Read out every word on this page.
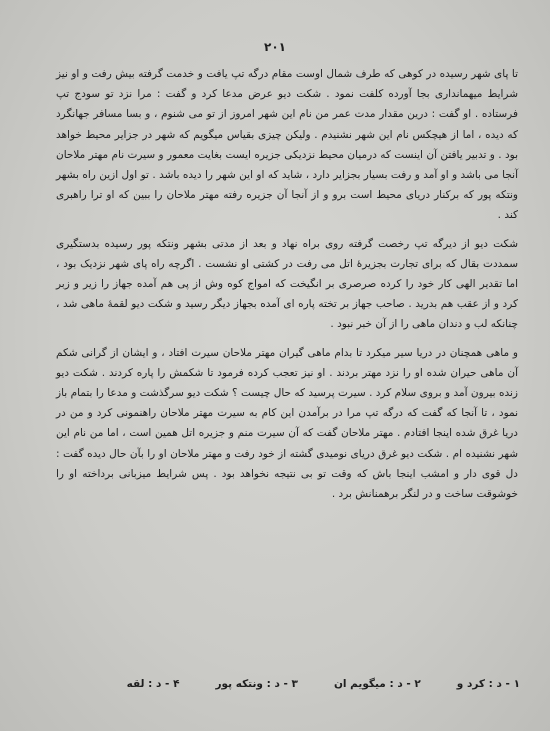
۲۰۱

تا پای شهر رسیده در کوهی که طرف شمال اوست مقام درگه تپ یافت و خدمت گرفته بیش رفت و او نیز شرایط میهمانداری بجا آورده کلفت نمود . شکت دیو عرض مدعا کرد و گفت : مرا نزد تو سودج تپ فرستاده . او گفت : درین مقدار مدت عمر من نام این شهر امروز از تو می شنوم ، و بسا مسافر جهانگرد که دیده ، اما از هیچکس نام این شهر نشنیدم . ولیکن چیزی بقیاس میگویم که شهر در جزایر محیط خواهد بود . و تدبیر یافتن آن اینست که درمیان محیط نزدیکی جزیره ایست بغایت معمور و سیرت نام مهتر ملاحان آنجا می باشد و او آمد و رفت بسیار بجزایر دارد ، شاید که او این شهر را دیده باشد . تو اول ازین راه بشهر ونتکه پور که برکنار دریای محیط است برو و از آنجا آن جزیره رفته مهتر ملاحان را ببین که او ترا راهبری کند .

شکت دیو از دیرگه تپ رخصت گرفته روی براه نهاد و بعد از مدتی بشهر ونتکه پور رسیده بدستگیری سمددت بقال که برای تجارت بجزیرهٔ اتل می رفت در کشتی او نشست . اگرچه راه پای شهر نزدیک بود ، اما تقدیر الهی کار خود را کرده صرصری بر انگیخت که امواج کوه وش از پی هم آمده جهاز را زیر و زبر کرد و از عقب هم بدرید . صاحب جهاز بر تخته پاره ای آمده بجهاز دیگر رسید و شکت دیو لقمهٔ ماهی شد ، چنانکه لب و دندان ماهی را از آن خبر نبود .

و ماهی همچنان در دریا سیر میکرد تا بدام ماهی گیران مهتر ملاحان سیرت افتاد ، و ایشان از گرانی شکم آن ماهی حیران شده او را نزد مهتر بردند . او نیز تعجب کرده فرمود تا شکمش را پاره کردند . شکت دیو زنده بیرون آمد و بروی سلام کرد . سیرت پرسید که حال چیست ؟ شکت دیو سرگذشت و مدعا را بتمام باز نمود ، تا آنجا که گفت که درگه تپ مرا در برآمدن این کام به سیرت مهتر ملاحان راهنمونی کرد و من در دریا غرق شده اینجا افتادم . مهتر ملاحان گفت که آن سیرت منم و جزیره اتل همین است ، اما من نام این شهر نشنیده ام . شکت دیو غرق دریای نومیدی گشته از خود رفت و مهتر ملاحان او را بآن حال دیده گفت : دل قوی دار و امشب اینجا باش که وقت تو بی نتیجه نخواهد بود . پس شرایط میزبانی برداخته او را خوشوقت ساخت و در لنگر برهمنانش برد .

۱ - د : کرد و
۲ - د : میگویم ان
۳ - د : ونتکه پور
۴ - د : لقه
